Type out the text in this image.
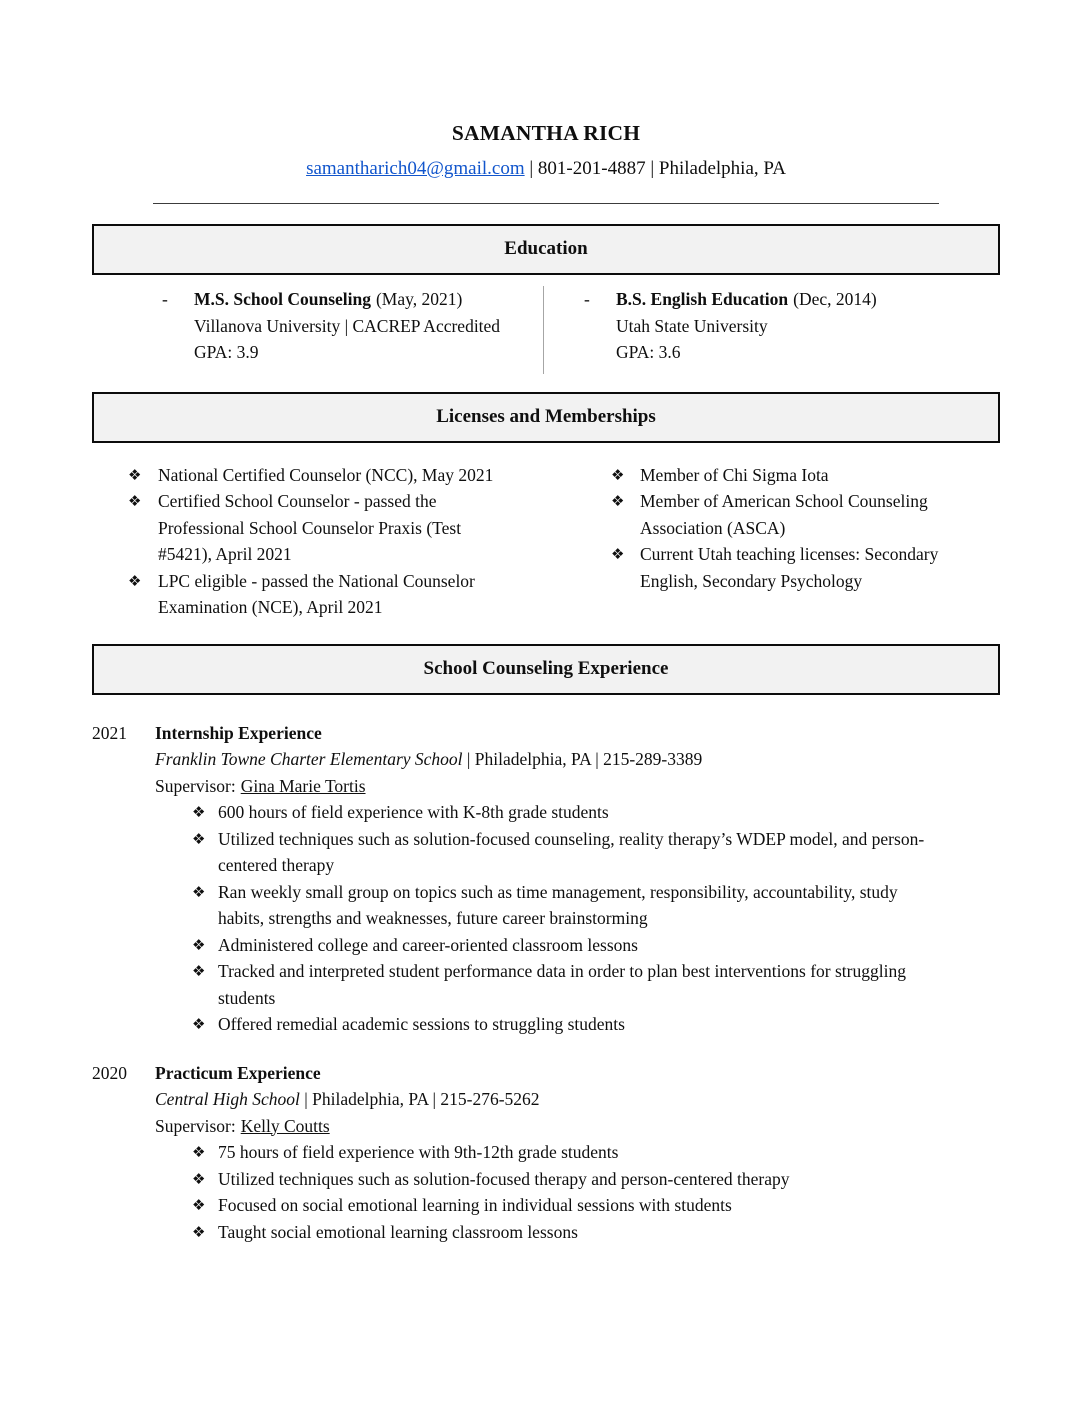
SAMANTHA RICH
samantharich04@gmail.com | 801-201-4887 | Philadelphia, PA
Education
- M.S. School Counseling (May, 2021)
Villanova University | CACREP Accredited
GPA: 3.9
- B.S. English Education (Dec, 2014)
Utah State University
GPA: 3.6
Licenses and Memberships
❖ National Certified Counselor (NCC), May 2021
❖ Certified School Counselor - passed the Professional School Counselor Praxis (Test #5421), April 2021
❖ LPC eligible - passed the National Counselor Examination (NCE), April 2021
❖ Member of Chi Sigma Iota
❖ Member of American School Counseling Association (ASCA)
❖ Current Utah teaching licenses: Secondary English, Secondary Psychology
School Counseling Experience
2021	Internship Experience
Franklin Towne Charter Elementary School | Philadelphia, PA | 215-289-3389
Supervisor: Gina Marie Tortis
❖ 600 hours of field experience with K-8th grade students
❖ Utilized techniques such as solution-focused counseling, reality therapy’s WDEP model, and person-centered therapy
❖ Ran weekly small group on topics such as time management, responsibility, accountability, study habits, strengths and weaknesses, future career brainstorming
❖ Administered college and career-oriented classroom lessons
❖ Tracked and interpreted student performance data in order to plan best interventions for struggling students
❖ Offered remedial academic sessions to struggling students
2020	Practicum Experience
Central High School | Philadelphia, PA | 215-276-5262
Supervisor: Kelly Coutts
❖ 75 hours of field experience with 9th-12th grade students
❖ Utilized techniques such as solution-focused therapy and person-centered therapy
❖ Focused on social emotional learning in individual sessions with students
❖ Taught social emotional learning classroom lessons
